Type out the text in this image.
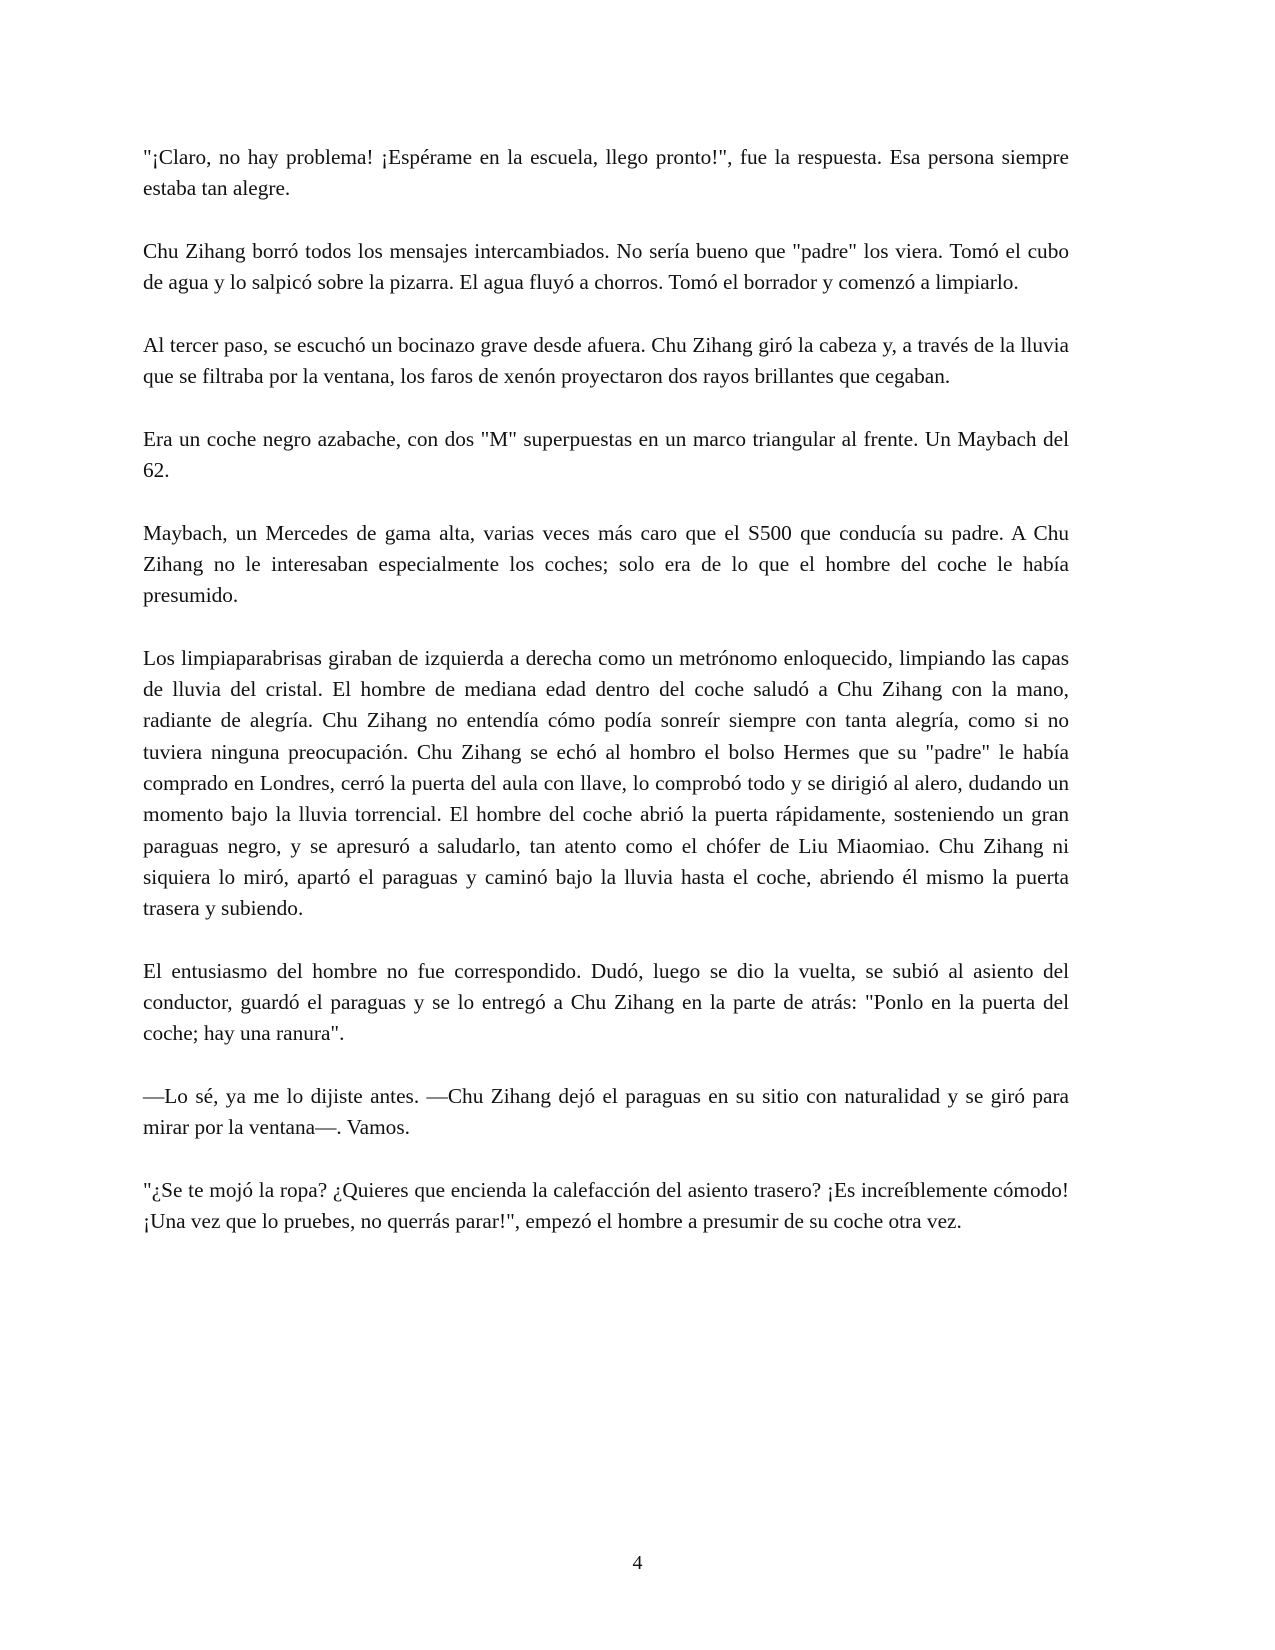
"¡Claro, no hay problema! ¡Espérame en la escuela, llego pronto!", fue la respuesta. Esa persona siempre estaba tan alegre.

Chu Zihang borró todos los mensajes intercambiados. No sería bueno que "padre" los viera. Tomó el cubo de agua y lo salpicó sobre la pizarra. El agua fluyó a chorros. Tomó el borrador y comenzó a limpiarlo.

Al tercer paso, se escuchó un bocinazo grave desde afuera. Chu Zihang giró la cabeza y, a través de la lluvia que se filtraba por la ventana, los faros de xenón proyectaron dos rayos brillantes que cegaban.

Era un coche negro azabache, con dos "M" superpuestas en un marco triangular al frente. Un Maybach del 62.

Maybach, un Mercedes de gama alta, varias veces más caro que el S500 que conducía su padre. A Chu Zihang no le interesaban especialmente los coches; solo era de lo que el hombre del coche le había presumido.

Los limpiaparabrisas giraban de izquierda a derecha como un metrónomo enloquecido, limpiando las capas de lluvia del cristal. El hombre de mediana edad dentro del coche saludó a Chu Zihang con la mano, radiante de alegría. Chu Zihang no entendía cómo podía sonreír siempre con tanta alegría, como si no tuviera ninguna preocupación. Chu Zihang se echó al hombro el bolso Hermes que su "padre" le había comprado en Londres, cerró la puerta del aula con llave, lo comprobó todo y se dirigió al alero, dudando un momento bajo la lluvia torrencial. El hombre del coche abrió la puerta rápidamente, sosteniendo un gran paraguas negro, y se apresuró a saludarlo, tan atento como el chófer de Liu Miaomiao. Chu Zihang ni siquiera lo miró, apartó el paraguas y caminó bajo la lluvia hasta el coche, abriendo él mismo la puerta trasera y subiendo.

El entusiasmo del hombre no fue correspondido. Dudó, luego se dio la vuelta, se subió al asiento del conductor, guardó el paraguas y se lo entregó a Chu Zihang en la parte de atrás: "Ponlo en la puerta del coche; hay una ranura".

—Lo sé, ya me lo dijiste antes. —Chu Zihang dejó el paraguas en su sitio con naturalidad y se giró para mirar por la ventana—. Vamos.

"¿Se te mojó la ropa? ¿Quieres que encienda la calefacción del asiento trasero? ¡Es increíblemente cómodo! ¡Una vez que lo pruebes, no querrás parar!", empezó el hombre a presumir de su coche otra vez.

4
